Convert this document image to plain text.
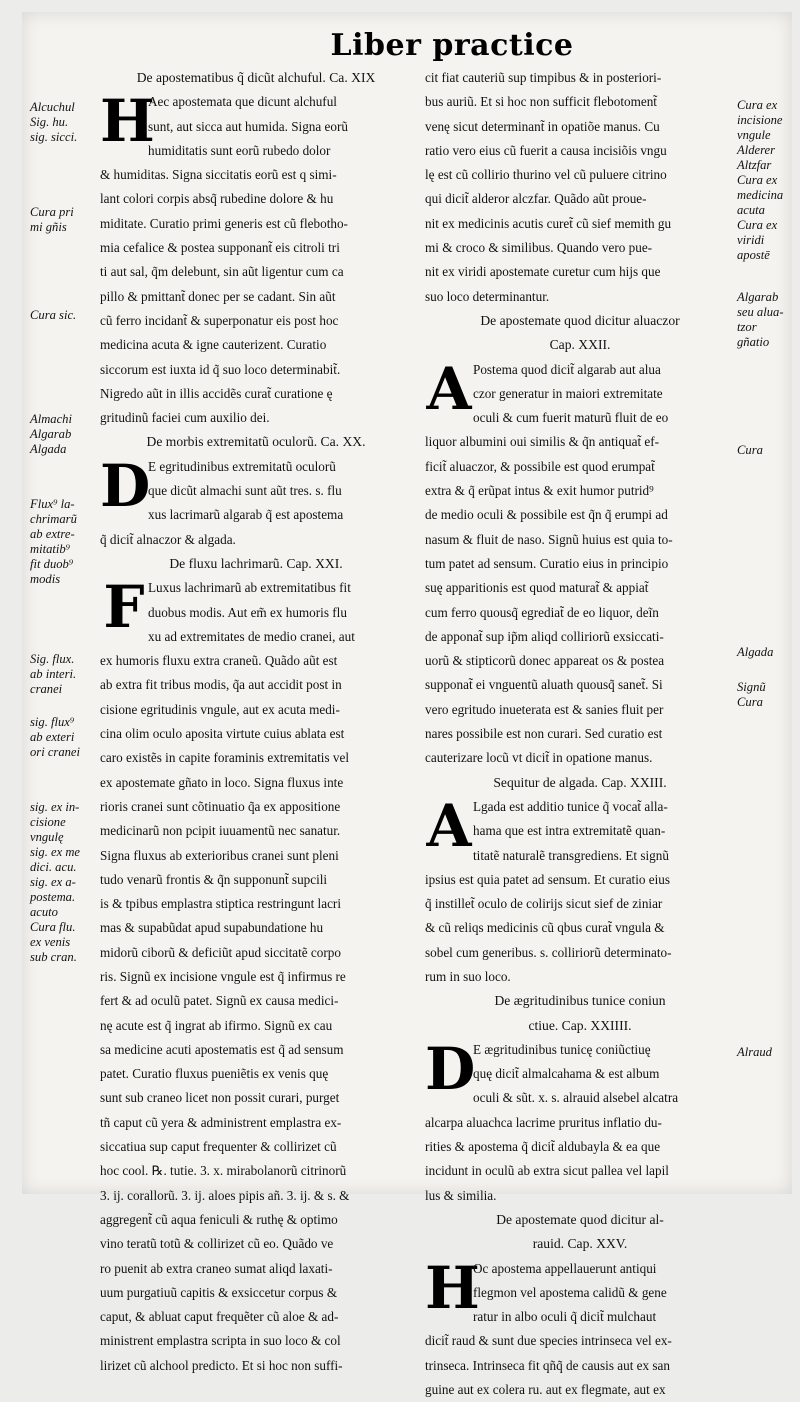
Liber practice
De apostematibus q̃ dicũt alchuful. Ca. XIX
H
Aec apostemata que dicunt alchuful
sunt, aut sicca aut humida. Signa eorũ
humiditatis sunt eorũ rubedo dolor
& humiditas. Signa siccitatis eorũ est q simi-
lant colori corpis absq̃ rubedine dolore & hu
miditate. Curatio primi generis est cũ flebotho-
mia cefalice & postea supponant̃ eis citroli tri
ti aut sal, q̃m delebunt, sin aũt ligentur cum ca
pillo & pmittant̃ donec per se cadant. Sin aũt
cũ ferro incidant̃ & superponatur eis post hoc
medicina acuta & igne cauterizent. Curatio
siccorum est iuxta id q̃ suo loco determinabit̃.
Nigredo aũt in illis accidẽs curat̃ curatione ę
gritudinũ faciei cum auxilio dei.
De morbis extremitatũ oculorũ. Ca. XX.
D
E egritudinibus extremitatũ oculorũ
que dicũt almachi sunt aũt tres. s. flu
xus lacrimarũ algarab q̃ est apostema
q̃ dicit̃ alnaczor & algada.
De fluxu lachrimarũ. Cap. XXI.
F Luxus lachrimarũ ab extremitatibus fit
duobus modis. Aut em̃ ex humoris flu
xu ad extremitates de medio cranei, aut
ex humoris fluxu extra craneũ. Quãdo aũt est
ab extra fit tribus modis, q̃a aut accidit post in
cisione egritudinis vngule, aut ex acuta medi-
cina olim oculo aposita virtute cuius ablata est
caro existẽs in capite foraminis extremitatis vel
ex apostemate gñato in loco. Signa fluxus inte
rioris cranei sunt cõtinuatio q̃a ex appositione
medicinarũ non pcipit iuuamentũ nec sanatur.
Signa fluxus ab exterioribus cranei sunt pleni
tudo venarũ frontis & q̃n supponunt̃ supcili
is & tpibus emplastra stiptica restringunt lacri
mas & supabũdat apud supabundatione hu
midorũ ciborũ & deficiũt apud siccitatẽ corpo
ris. Signũ ex incisione vngule est q̃ infirmus re
fert & ad oculũ patet. Signũ ex causa medici-
nę acute est q̃ ingrat ab ifirmo. Signũ ex cau
sa medicine acuti apostematis est q̃ ad sensum
patet. Curatio fluxus pueniẽtis ex venis quę
sunt sub craneo licet non possit curari, purget
tñ caput cũ yera & administrent emplastra ex-
siccatiua sup caput frequenter & collirizet cũ
hoc cool. ℞. tutie. 3. x. mirabolanorũ citrinorũ
3. ij. corallorũ. 3. ij. aloes pipis añ. 3. ij. & s. &
aggregent̃ cũ aqua feniculi & ruthę & optimo
vino teratũ totũ & collirizet cũ eo. Quãdo ve
ro puenit ab extra craneo sumat aliqd laxati-
uum purgatiuũ capitis & exsiccetur corpus &
caput, & abluat caput frequẽter cũ aloe & ad-
ministrent emplastra scripta in suo loco & col
lirizet cũ alchool predicto. Et si hoc non suffi-
cit fiat cauteriũ sup timpibus & in posteriori-
bus auriũ. Et si hoc non sufficit flebotoment̃
venę sicut determinant̃ in opatiõe manus. Cu
ratio vero eius cũ fuerit a causa incisiõis vngu
lę est cũ collirio thurino vel cũ puluere citrino
qui dicit̃ alderor alczfar. Quãdo aũt proue-
nit ex medicinis acutis curet̃ cũ sief memith gu
mi & croco & similibus. Quando vero pue-
nit ex viridi apostemate curetur cum hijs que
suo loco determinantur.
De apostemate quod dicitur aluaczor
Cap. XXII.
A Postema quod dicit̃ algarab aut alua
czor generatur in maiori extremitate
oculi & cum fuerit maturũ fluit de eo
liquor albumini oui similis & q̃n antiquat̃ ef-
ficit̃ aluaczor, & possibile est quod erumpat̃
extra & q̃ erũpat intus & exit humor putrid⁹
de medio oculi & possibile est q̃n q̃ erumpi ad
nasum & fluit de naso. Signũ huius est quia to-
tum patet ad sensum. Curatio eius in principio
suę apparitionis est quod maturat̃ & appiat̃
cum ferro quousq̃ egrediat̃ de eo liquor, deĩn
de apponat̃ sup ip̃m aliqd colliriorũ exsiccati-
uorũ & stipticorũ donec appareat os & postea
supponat̃ ei vnguentũ aluath quousq̃ sanet̃. Si
vero egritudo inueterata est & sanies fluit per
nares possibile est non curari. Sed curatio est
cauterizare locũ vt dicit̃ in opatione manus.
Sequitur de algada. Cap. XXIII.
A Lgada est additio tunice q̃ vocat̃ alla-
hama que est intra extremitatẽ quan-
titatẽ naturalẽ transgrediens. Et signũ
ipsius est quia patet ad sensum. Et curatio eius
q̃ instillet̃ oculo de colirijs sicut sief de ziniar
& cũ reliqs medicinis cũ qbus curat̃ vngula &
sobel cum generibus. s. colliriorũ determinato-
rum in suo loco.
De ægritudinibus tunice coniun
ctiue. Cap. XXIIII.
D
E ægritudinibus tunicę coniũctiuę
quę dicit̃ almalcahama & est album
oculi & sũt. x. s. alrauid alsebel alcatra
alcarpa aluachca lacrime pruritus inflatio du-
rities & apostema q̃ dicit̃ aldubayla & ea que
incidunt in oculũ ab extra sicut pallea vel lapil
lus & similia.
De apostemate quod dicitur al-
rauid. Cap. XXV.
H
Oc apostema appellauerunt antiqui
flegmon vel apostema calidũ & gene
ratur in albo oculi q̃ dicit̃ mulchaut
dicit̃ raud & sunt due species intrinseca vel ex-
trinseca. Intrinseca fit qñq̃ de causis aut ex san
guine aut ex colera ru. aut ex flegmate, aut ex
Alcuchul
Sig. hu.
sig. sicci.
Cura pri
mi gñis
Cura sic.
Almachi
Algarab
Algada
Flux⁹ la-
chrimarũ
ab extre-
mitatib⁹
fit duob⁹
modis
Sig. flux.
ab interi.
cranei
sig. flux⁹
ab exteri
ori cranei
sig. ex in-
cisione
vngulę
sig. ex me
dici. acu.
sig. ex a-
postema.
acuto
Cura flu.
ex venis
sub cran.
Cura ex
incisione
vngule
Alderer
Altzfar
Cura ex
medicina
acuta
Cura ex
viridi
apostē
Algarab
seu alua-
tzor
gñatio
Cura
Algada
Signũ
Cura
Alraud
